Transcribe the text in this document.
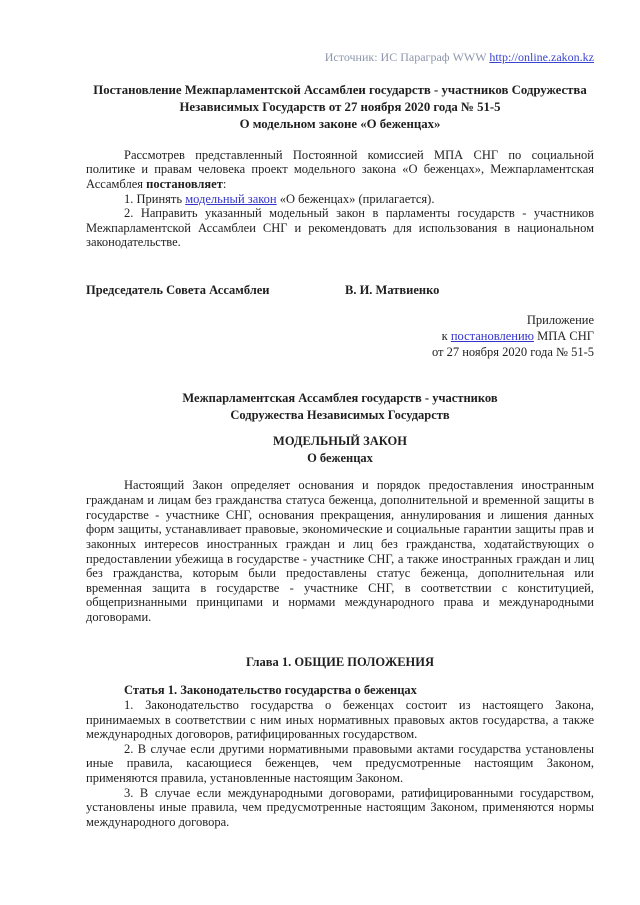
Источник: ИС Параграф WWW http://online.zakon.kz
Постановление Межпарламентской Ассамблеи государств - участников Содружества Независимых Государств от 27 ноября 2020 года № 51-5
О модельном законе «О беженцах»

Рассмотрев представленный Постоянной комиссией МПА СНГ по социальной политике и правам человека проект модельного закона «О беженцах», Межпарламентская Ассамблея постановляет:

1. Принять модельный закон «О беженцах» (прилагается).

2. Направить указанный модельный закон в парламенты государств - участников Межпарламентской Ассамблеи СНГ и рекомендовать для использования в национальном законодательстве.

Председатель Совета Ассамблеи	В. И. Матвиенко
Приложение
к постановлению МПА СНГ
от 27 ноября 2020 года № 51-5
Межпарламентская Ассамблея государств - участников
Содружества Независимых Государств
МОДЕЛЬНЫЙ ЗАКОН
О беженцах

Настоящий Закон определяет основания и порядок предоставления иностранным гражданам и лицам без гражданства статуса беженца, дополнительной и временной защиты в государстве - участнике СНГ, основания прекращения, аннулирования и лишения данных форм защиты, устанавливает правовые, экономические и социальные гарантии защиты прав и законных интересов иностранных граждан и лиц без гражданства, ходатайствующих о предоставлении убежища в государстве - участнике СНГ, а также иностранных граждан и лиц без гражданства, которым были предоставлены статус беженца, дополнительная или временная защита в государстве - участнике СНГ, в соответствии с конституцией, общепризнанными принципами и нормами международного права и международными договорами.

Глава 1. ОБЩИЕ ПОЛОЖЕНИЯ
Статья 1. Законодательство государства о беженцах

1. Законодательство государства о беженцах состоит из настоящего Закона, принимаемых в соответствии с ним иных нормативных правовых актов государства, а также международных договоров, ратифицированных государством.

2. В случае если другими нормативными правовыми актами государства установлены иные правила, касающиеся беженцев, чем предусмотренные настоящим Законом, применяются правила, установленные настоящим Законом.

3. В случае если международными договорами, ратифицированными государством, установлены иные правила, чем предусмотренные настоящим Законом, применяются нормы международного договора.
